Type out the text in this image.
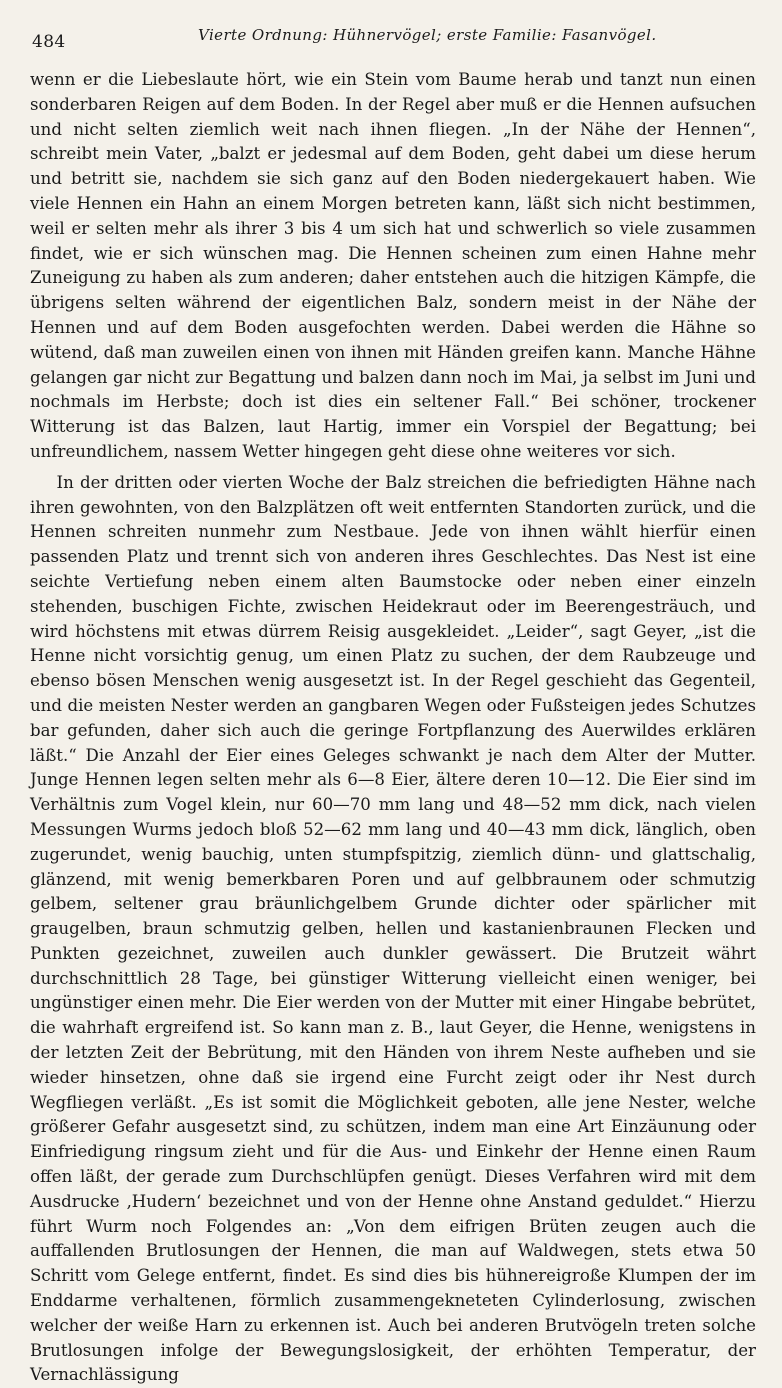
484	Vierte Ordnung: Hühnervögel; erste Familie: Fasanvögel.

wenn er die Liebeslaute hört, wie ein Stein vom Baume herab und tanzt nun einen sonderbaren Reigen auf dem Boden. In der Regel aber muß er die Hennen aufsuchen und nicht selten ziemlich weit nach ihnen fliegen. „In der Nähe der Hennen“, schreibt mein Vater, „balzt er jedesmal auf dem Boden, geht dabei um diese herum und betritt sie, nachdem sie sich ganz auf den Boden niedergekauert haben. Wie viele Hennen ein Hahn an einem Morgen betreten kann, läßt sich nicht bestimmen, weil er selten mehr als ihrer 3 bis 4 um sich hat und schwerlich so viele zusammen findet, wie er sich wünschen mag. Die Hennen scheinen zum einen Hahne mehr Zuneigung zu haben als zum anderen; daher entstehen auch die hitzigen Kämpfe, die übrigens selten während der eigentlichen Balz, sondern meist in der Nähe der Hennen und auf dem Boden ausgefochten werden. Dabei werden die Hähne so wütend, daß man zuweilen einen von ihnen mit Händen greifen kann. Manche Hähne gelangen gar nicht zur Begattung und balzen dann noch im Mai, ja selbst im Juni und nochmals im Herbste; doch ist dies ein seltener Fall.“ Bei schöner, trockener Witterung ist das Balzen, laut Hartig, immer ein Vorspiel der Begattung; bei unfreundlichem, nassem Wetter hingegen geht diese ohne weiteres vor sich.

In der dritten oder vierten Woche der Balz streichen die befriedigten Hähne nach ihren gewohnten, von den Balzplätzen oft weit entfernten Standorten zurück, und die Hennen schreiten nunmehr zum Nestbaue. Jede von ihnen wählt hierfür einen passenden Platz und trennt sich von anderen ihres Geschlechtes. Das Nest ist eine seichte Vertiefung neben einem alten Baumstocke oder neben einer einzeln stehenden, buschigen Fichte, zwischen Heidekraut oder im Beerengesträuch, und wird höchstens mit etwas dürrem Reisig ausgekleidet. „Leider“, sagt Geyer, „ist die Henne nicht vorsichtig genug, um einen Platz zu suchen, der dem Raubzeuge und ebenso bösen Menschen wenig ausgesetzt ist. In der Regel geschieht das Gegenteil, und die meisten Nester werden an gangbaren Wegen oder Fußsteigen jedes Schutzes bar gefunden, daher sich auch die geringe Fortpflanzung des Auerwildes erklären läßt.“ Die Anzahl der Eier eines Geleges schwankt je nach dem Alter der Mutter. Junge Hennen legen selten mehr als 6—8 Eier, ältere deren 10—12. Die Eier sind im Verhältnis zum Vogel klein, nur 60—70 mm lang und 48—52 mm dick, nach vielen Messungen Wurms jedoch bloß 52—62 mm lang und 40—43 mm dick, länglich, oben zugerundet, wenig bauchig, unten stumpfspitzig, ziemlich dünn- und glattschalig, glänzend, mit wenig bemerkbaren Poren und auf gelbbraunem oder schmutzig gelbem, seltener grau bräunlichgelbem Grunde dichter oder spärlicher mit graugelben, braun schmutzig gelben, hellen und kastanienbraunen Flecken und Punkten gezeichnet, zuweilen auch dunkler gewässert. Die Brutzeit währt durchschnittlich 28 Tage, bei günstiger Witterung vielleicht einen weniger, bei ungünstiger einen mehr. Die Eier werden von der Mutter mit einer Hingabe bebrütet, die wahrhaft ergreifend ist. So kann man z. B., laut Geyer, die Henne, wenigstens in der letzten Zeit der Bebrütung, mit den Händen von ihrem Neste aufheben und sie wieder hinsetzen, ohne daß sie irgend eine Furcht zeigt oder ihr Nest durch Wegfliegen verläßt. „Es ist somit die Möglichkeit geboten, alle jene Nester, welche größerer Gefahr ausgesetzt sind, zu schützen, indem man eine Art Einzäunung oder Einfriedigung ringsum zieht und für die Aus- und Einkehr der Henne einen Raum offen läßt, der gerade zum Durchschlüpfen genügt. Dieses Verfahren wird mit dem Ausdrucke ‚Hudern‘ bezeichnet und von der Henne ohne Anstand geduldet.“ Hierzu führt Wurm noch Folgendes an: „Von dem eifrigen Brüten zeugen auch die auffallenden Brutlosungen der Hennen, die man auf Waldwegen, stets etwa 50 Schritt vom Gelege entfernt, findet. Es sind dies bis hühnereigroße Klumpen der im Enddarme verhaltenen, förmlich zusammengekneteten Cylinderlosung, zwischen welcher der weiße Harn zu erkennen ist. Auch bei anderen Brutvögeln treten solche Brutlosungen infolge der Bewegungslosigkeit, der erhöhten Temperatur, der Vernachlässigung
